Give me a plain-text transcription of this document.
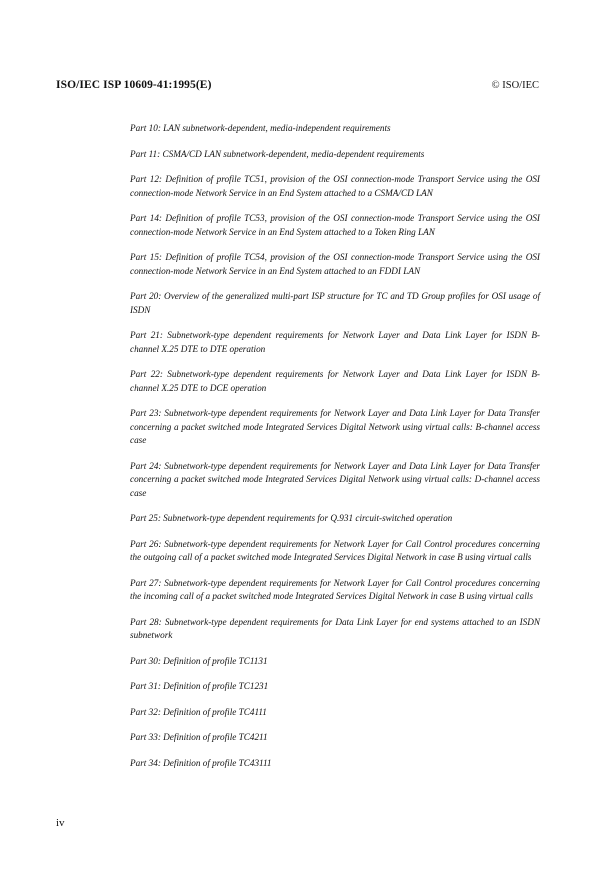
ISO/IEC ISP 10609-41:1995(E)	© ISO/IEC
Part 10: LAN subnetwork-dependent, media-independent requirements
Part 11: CSMA/CD LAN subnetwork-dependent, media-dependent requirements
Part 12: Definition of profile TC51, provision of the OSI connection-mode Transport Service using the OSI connection-mode Network Service in an End System attached to a CSMA/CD LAN
Part 14: Definition of profile TC53, provision of the OSI connection-mode Transport Service using the OSI connection-mode Network Service in an End System attached to a Token Ring LAN
Part 15: Definition of profile TC54, provision of the OSI connection-mode Transport Service using the OSI connection-mode Network Service in an End System attached to an FDDI LAN
Part 20: Overview of the generalized multi-part ISP structure for TC and TD Group profiles for OSI usage of ISDN
Part 21: Subnetwork-type dependent requirements for Network Layer and Data Link Layer for ISDN B-channel X.25 DTE to DTE operation
Part 22: Subnetwork-type dependent requirements for Network Layer and Data Link Layer for ISDN B-channel X.25 DTE to DCE operation
Part 23: Subnetwork-type dependent requirements for Network Layer and Data Link Layer for Data Transfer concerning a packet switched mode Integrated Services Digital Network using virtual calls: B-channel access case
Part 24: Subnetwork-type dependent requirements for Network Layer and Data Link Layer for Data Transfer concerning a packet switched mode Integrated Services Digital Network using virtual calls: D-channel access case
Part 25: Subnetwork-type dependent requirements for Q.931 circuit-switched operation
Part 26: Subnetwork-type dependent requirements for Network Layer for Call Control procedures concerning the outgoing call of a packet switched mode Integrated Services Digital Network in case B using virtual calls
Part 27: Subnetwork-type dependent requirements for Network Layer for Call Control procedures concerning the incoming call of a packet switched mode Integrated Services Digital Network in case B using virtual calls
Part 28: Subnetwork-type dependent requirements for Data Link Layer for end systems attached to an ISDN subnetwork
Part 30: Definition of profile TC1131
Part 31: Definition of profile TC1231
Part 32: Definition of profile TC4111
Part 33: Definition of profile TC4211
Part 34: Definition of profile TC43111
iv
